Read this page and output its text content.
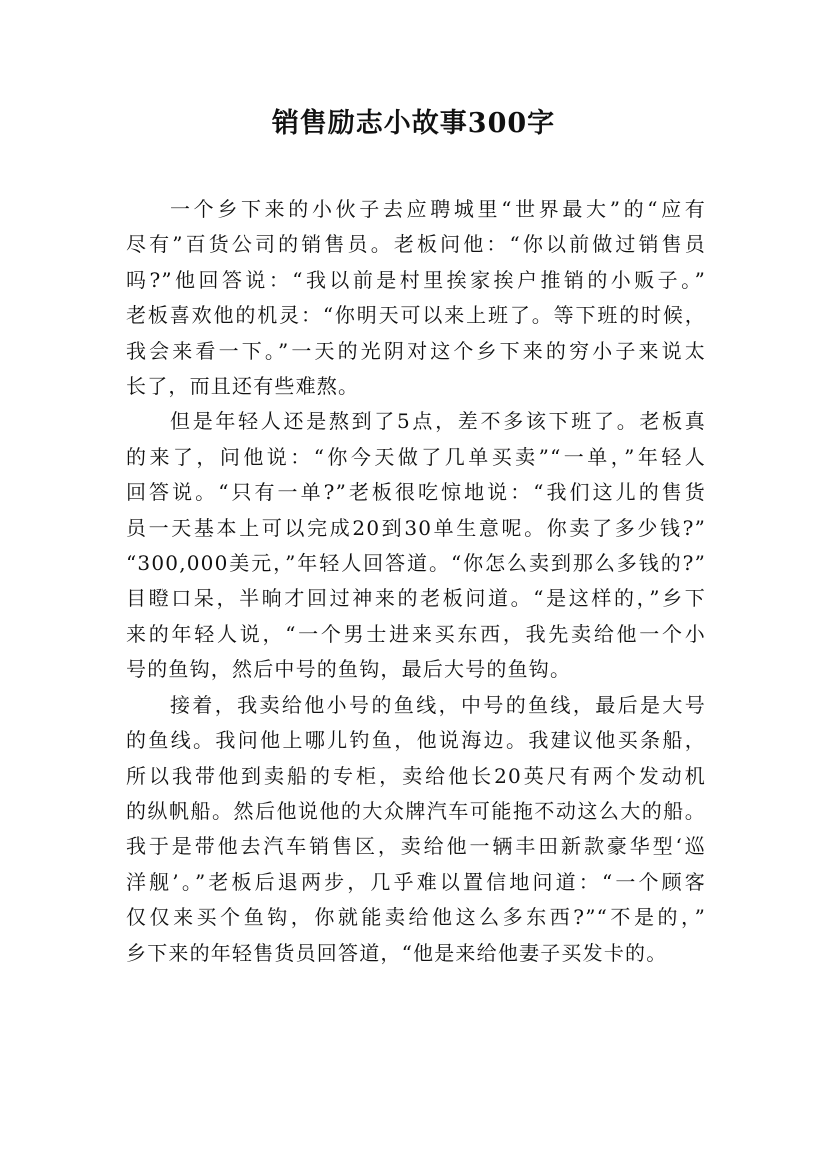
销售励志小故事300字
一个乡下来的小伙子去应聘城里“世界最大”的“应有
尽有”百货公司的销售员。老板问他：“你以前做过销售员
吗?”他回答说：“我以前是村里挨家挨户推销的小贩子。”
老板喜欢他的机灵：“你明天可以来上班了。等下班的时候，
我会来看一下。”一天的光阴对这个乡下来的穷小子来说太
长了，而且还有些难熬。
但是年轻人还是熬到了5点，差不多该下班了。老板真
的来了，问他说：“你今天做了几单买卖”“一单，”年轻人
回答说。“只有一单?”老板很吃惊地说：“我们这儿的售货
员一天基本上可以完成20到30单生意呢。你卖了多少钱?”
“300,000美元，”年轻人回答道。“你怎么卖到那么多钱的?”
目瞪口呆，半晌才回过神来的老板问道。“是这样的，”乡下
来的年轻人说，“一个男士进来买东西，我先卖给他一个小
号的鱼钩，然后中号的鱼钩，最后大号的鱼钩。
接着，我卖给他小号的鱼线，中号的鱼线，最后是大号
的鱼线。我问他上哪儿钓鱼，他说海边。我建议他买条船，
所以我带他到卖船的专柜，卖给他长20英尺有两个发动机
的纵帆船。然后他说他的大众牌汽车可能拖不动这么大的船。
我于是带他去汽车销售区，卖给他一辆丰田新款豪华型‘巡
洋舰’。”老板后退两步，几乎难以置信地问道：“一个顾客
仅仅来买个鱼钩，你就能卖给他这么多东西?”“不是的，”
乡下来的年轻售货员回答道，“他是来给他妻子买发卡的。
